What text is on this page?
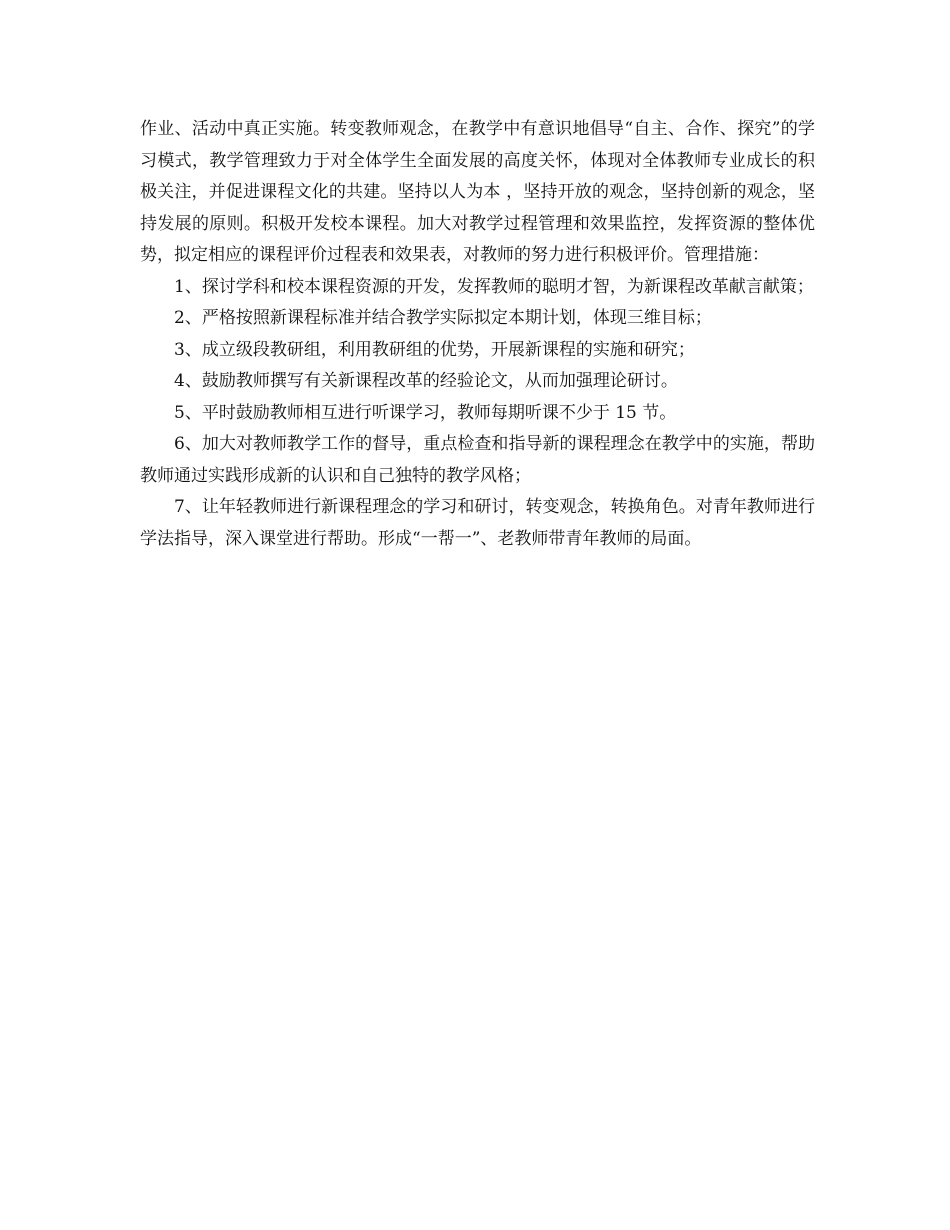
作业、活动中真正实施。转变教师观念，在教学中有意识地倡导“自主、合作、探究”的学习模式，教学管理致力于对全体学生全面发展的高度关怀，体现对全体教师专业成长的积极关注，并促进课程文化的共建。坚持以人为本 ，坚持开放的观念，坚持创新的观念，坚持发展的原则。积极开发校本课程。加大对教学过程管理和效果监控，发挥资源的整体优势，拟定相应的课程评价过程表和效果表，对教师的努力进行积极评价。管理措施：

1、探讨学科和校本课程资源的开发，发挥教师的聪明才智，为新课程改革献言献策；

2、严格按照新课程标准并结合教学实际拟定本期计划，体现三维目标；

3、成立级段教研组，利用教研组的优势，开展新课程的实施和研究；

4、鼓励教师撰写有关新课程改革的经验论文，从而加强理论研讨。

5、平时鼓励教师相互进行听课学习，教师每期听课不少于 15 节。

6、加大对教师教学工作的督导，重点检查和指导新的课程理念在教学中的实施，帮助教师通过实践形成新的认识和自己独特的教学风格；

7、让年轻教师进行新课程理念的学习和研讨，转变观念，转换角色。对青年教师进行学法指导，深入课堂进行帮助。形成“一帮一”、老教师带青年教师的局面。
